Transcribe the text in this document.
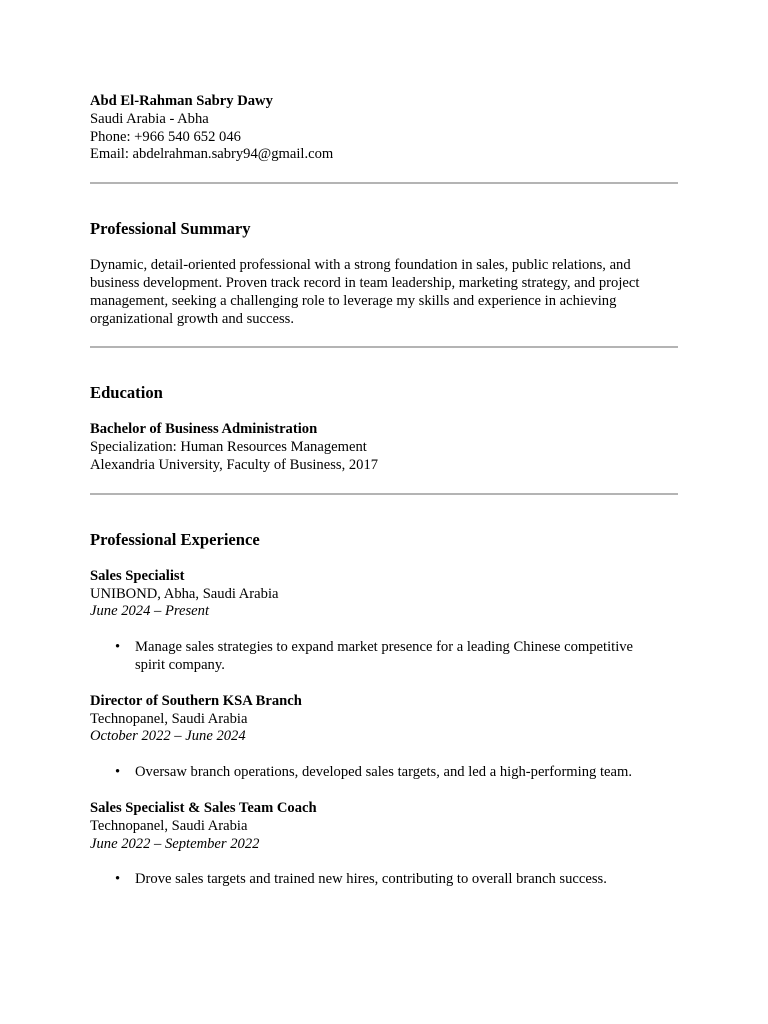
Abd El-Rahman Sabry Dawy
Saudi Arabia - Abha
Phone: +966 540 652 046
Email: abdelrahman.sabry94@gmail.com
Professional Summary
Dynamic, detail-oriented professional with a strong foundation in sales, public relations, and business development. Proven track record in team leadership, marketing strategy, and project management, seeking a challenging role to leverage my skills and experience in achieving organizational growth and success.
Education
Bachelor of Business Administration
Specialization: Human Resources Management
Alexandria University, Faculty of Business, 2017
Professional Experience
Sales Specialist
UNIBOND, Abha, Saudi Arabia
June 2024 – Present
• Manage sales strategies to expand market presence for a leading Chinese competitive spirit company.
Director of Southern KSA Branch
Technopanel, Saudi Arabia
October 2022 – June 2024
• Oversaw branch operations, developed sales targets, and led a high-performing team.
Sales Specialist & Sales Team Coach
Technopanel, Saudi Arabia
June 2022 – September 2022
• Drove sales targets and trained new hires, contributing to overall branch success.
